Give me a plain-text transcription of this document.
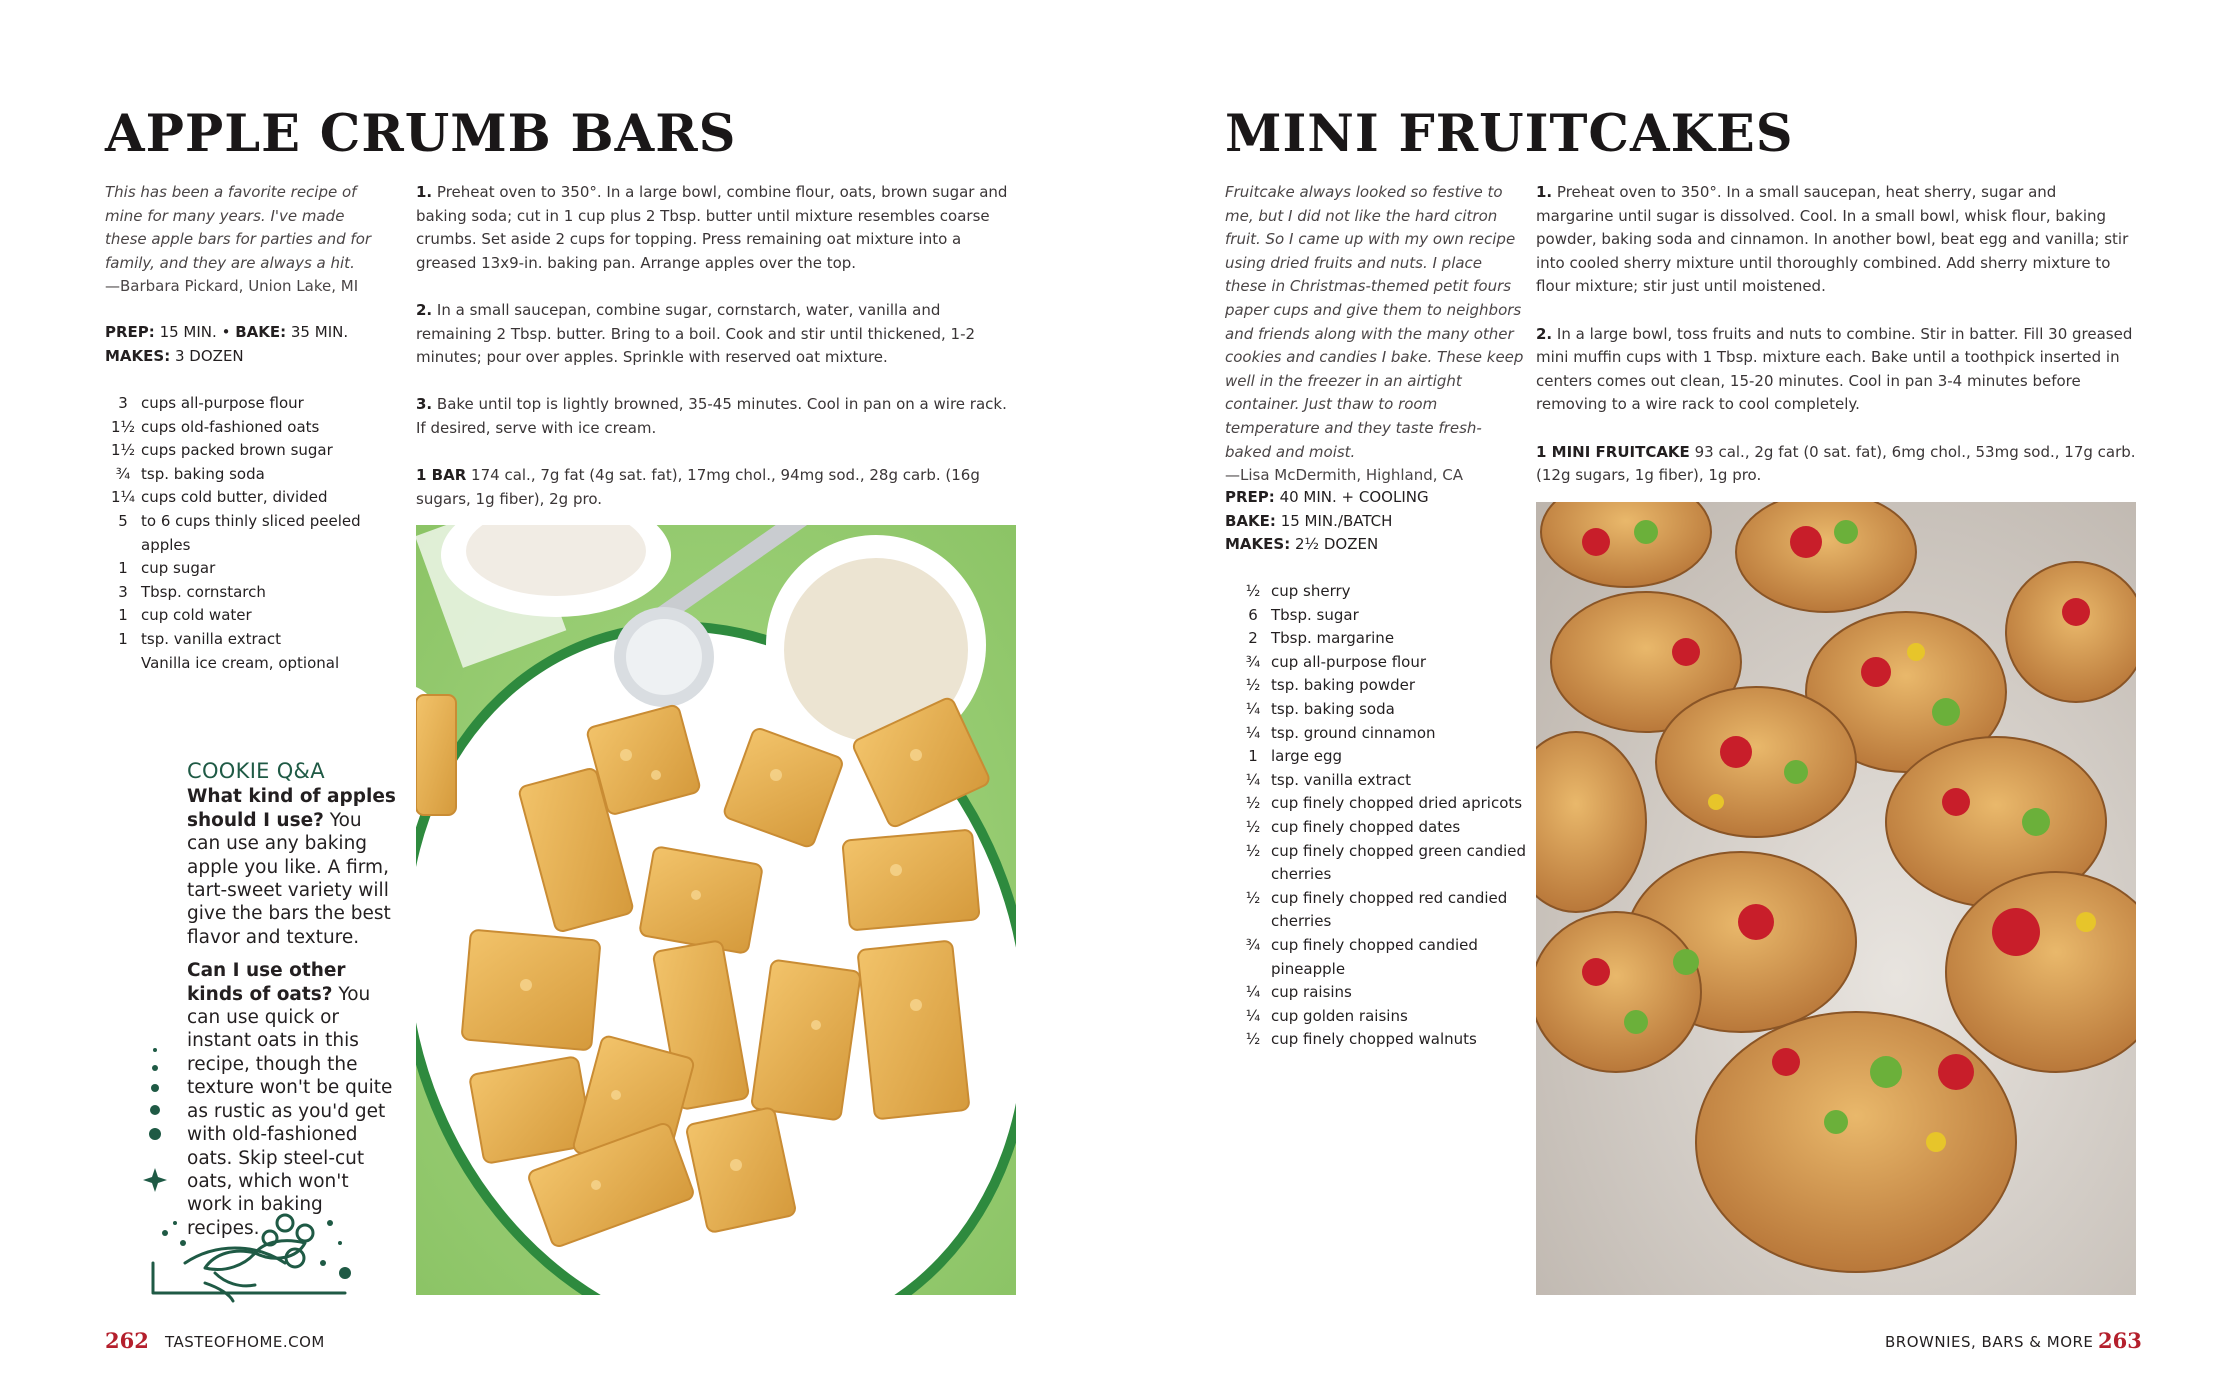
APPLE CRUMB BARS
This has been a favorite recipe of mine for many years. I've made these apple bars for parties and for family, and they are always a hit.
—Barbara Pickard, Union Lake, MI
PREP: 15 MIN. • BAKE: 35 MIN.
MAKES: 3 DOZEN
3 cups all-purpose flour
1½ cups old-fashioned oats
1½ cups packed brown sugar
¾ tsp. baking soda
1¼ cups cold butter, divided
5 to 6 cups thinly sliced peeled apples
1 cup sugar
3 Tbsp. cornstarch
1 cup cold water
1 tsp. vanilla extract
Vanilla ice cream, optional
1. Preheat oven to 350°. In a large bowl, combine flour, oats, brown sugar and baking soda; cut in 1 cup plus 2 Tbsp. butter until mixture resembles coarse crumbs. Set aside 2 cups for topping. Press remaining oat mixture into a greased 13x9-in. baking pan. Arrange apples over the top.
2. In a small saucepan, combine sugar, cornstarch, water, vanilla and remaining 2 Tbsp. butter. Bring to a boil. Cook and stir until thickened, 1-2 minutes; pour over apples. Sprinkle with reserved oat mixture.
3. Bake until top is lightly browned, 35-45 minutes. Cool in pan on a wire rack. If desired, serve with ice cream.
1 BAR 174 cal., 7g fat (4g sat. fat), 17mg chol., 94mg sod., 28g carb. (16g sugars, 1g fiber), 2g pro.
COOKIE Q&A

What kind of apples should I use? You can use any baking apple you like. A firm, tart-sweet variety will give the bars the best flavor and texture.

Can I use other kinds of oats? You can use quick or instant oats in this recipe, though the texture won't be quite as rustic as you'd get with old-fashioned oats. Skip steel-cut oats, which won't work in baking recipes.

262 TASTEOFHOME.COM
MINI FRUITCAKES
Fruitcake always looked so festive to me, but I did not like the hard citron fruit. So I came up with my own recipe using dried fruits and nuts. I place these in Christmas-themed petit fours paper cups and give them to neighbors and friends along with the many other cookies and candies I bake. These keep well in the freezer in an airtight container. Just thaw to room temperature and they taste fresh-baked and moist.
—Lisa McDermith, Highland, CA
PREP: 40 MIN. + COOLING
BAKE: 15 MIN./BATCH
MAKES: 2½ DOZEN
½ cup sherry
6 Tbsp. sugar
2 Tbsp. margarine
¾ cup all-purpose flour
½ tsp. baking powder
¼ tsp. baking soda
¼ tsp. ground cinnamon
1 large egg
¼ tsp. vanilla extract
½ cup finely chopped dried apricots
½ cup finely chopped dates
½ cup finely chopped green candied cherries
½ cup finely chopped red candied cherries
¾ cup finely chopped candied pineapple
¼ cup raisins
¼ cup golden raisins
½ cup finely chopped walnuts
1. Preheat oven to 350°. In a small saucepan, heat sherry, sugar and margarine until sugar is dissolved. Cool. In a small bowl, whisk flour, baking powder, baking soda and cinnamon. In another bowl, beat egg and vanilla; stir into cooled sherry mixture until thoroughly combined. Add sherry mixture to flour mixture; stir just until moistened.
2. In a large bowl, toss fruits and nuts to combine. Stir in batter. Fill 30 greased mini muffin cups with 1 Tbsp. mixture each. Bake until a toothpick inserted in centers comes out clean, 15-20 minutes. Cool in pan 3-4 minutes before removing to a wire rack to cool completely.
1 MINI FRUITCAKE 93 cal., 2g fat (0 sat. fat), 6mg chol., 53mg sod., 17g carb. (12g sugars, 1g fiber), 1g pro.
BROWNIES, BARS & MORE 263
